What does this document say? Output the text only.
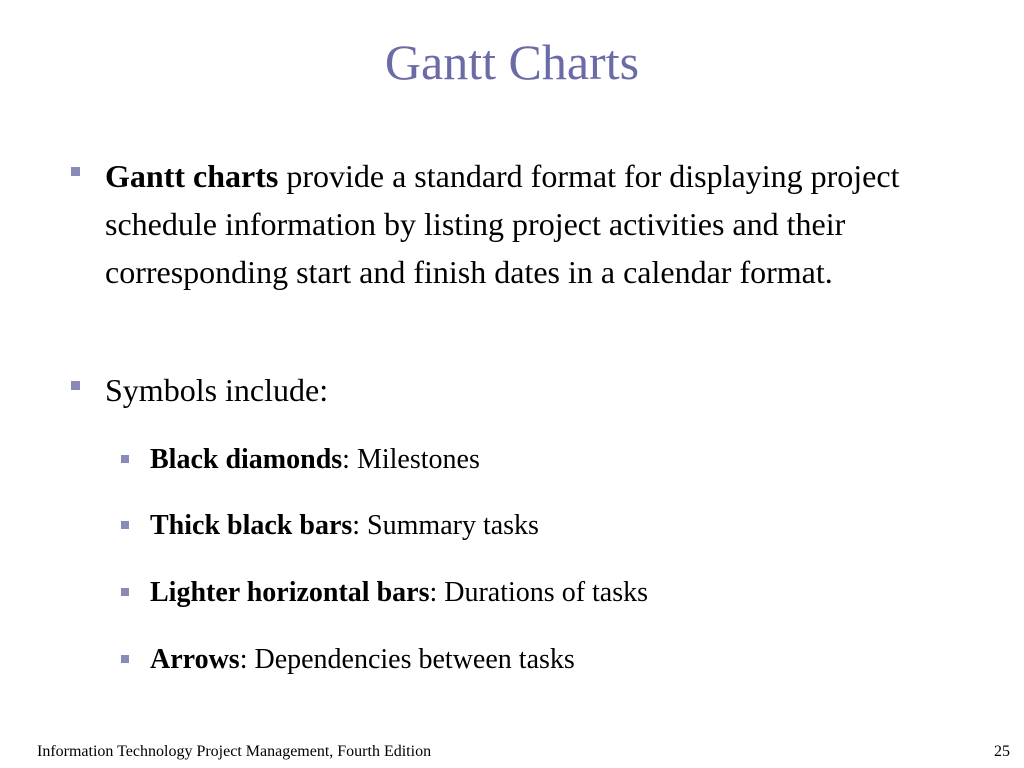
Gantt Charts
Gantt charts provide a standard format for displaying project schedule information by listing project activities and their corresponding start and finish dates in a calendar format.
Symbols include:
Black diamonds: Milestones
Thick black bars: Summary tasks
Lighter horizontal bars: Durations of tasks
Arrows: Dependencies between tasks
Information Technology Project Management, Fourth Edition	25
